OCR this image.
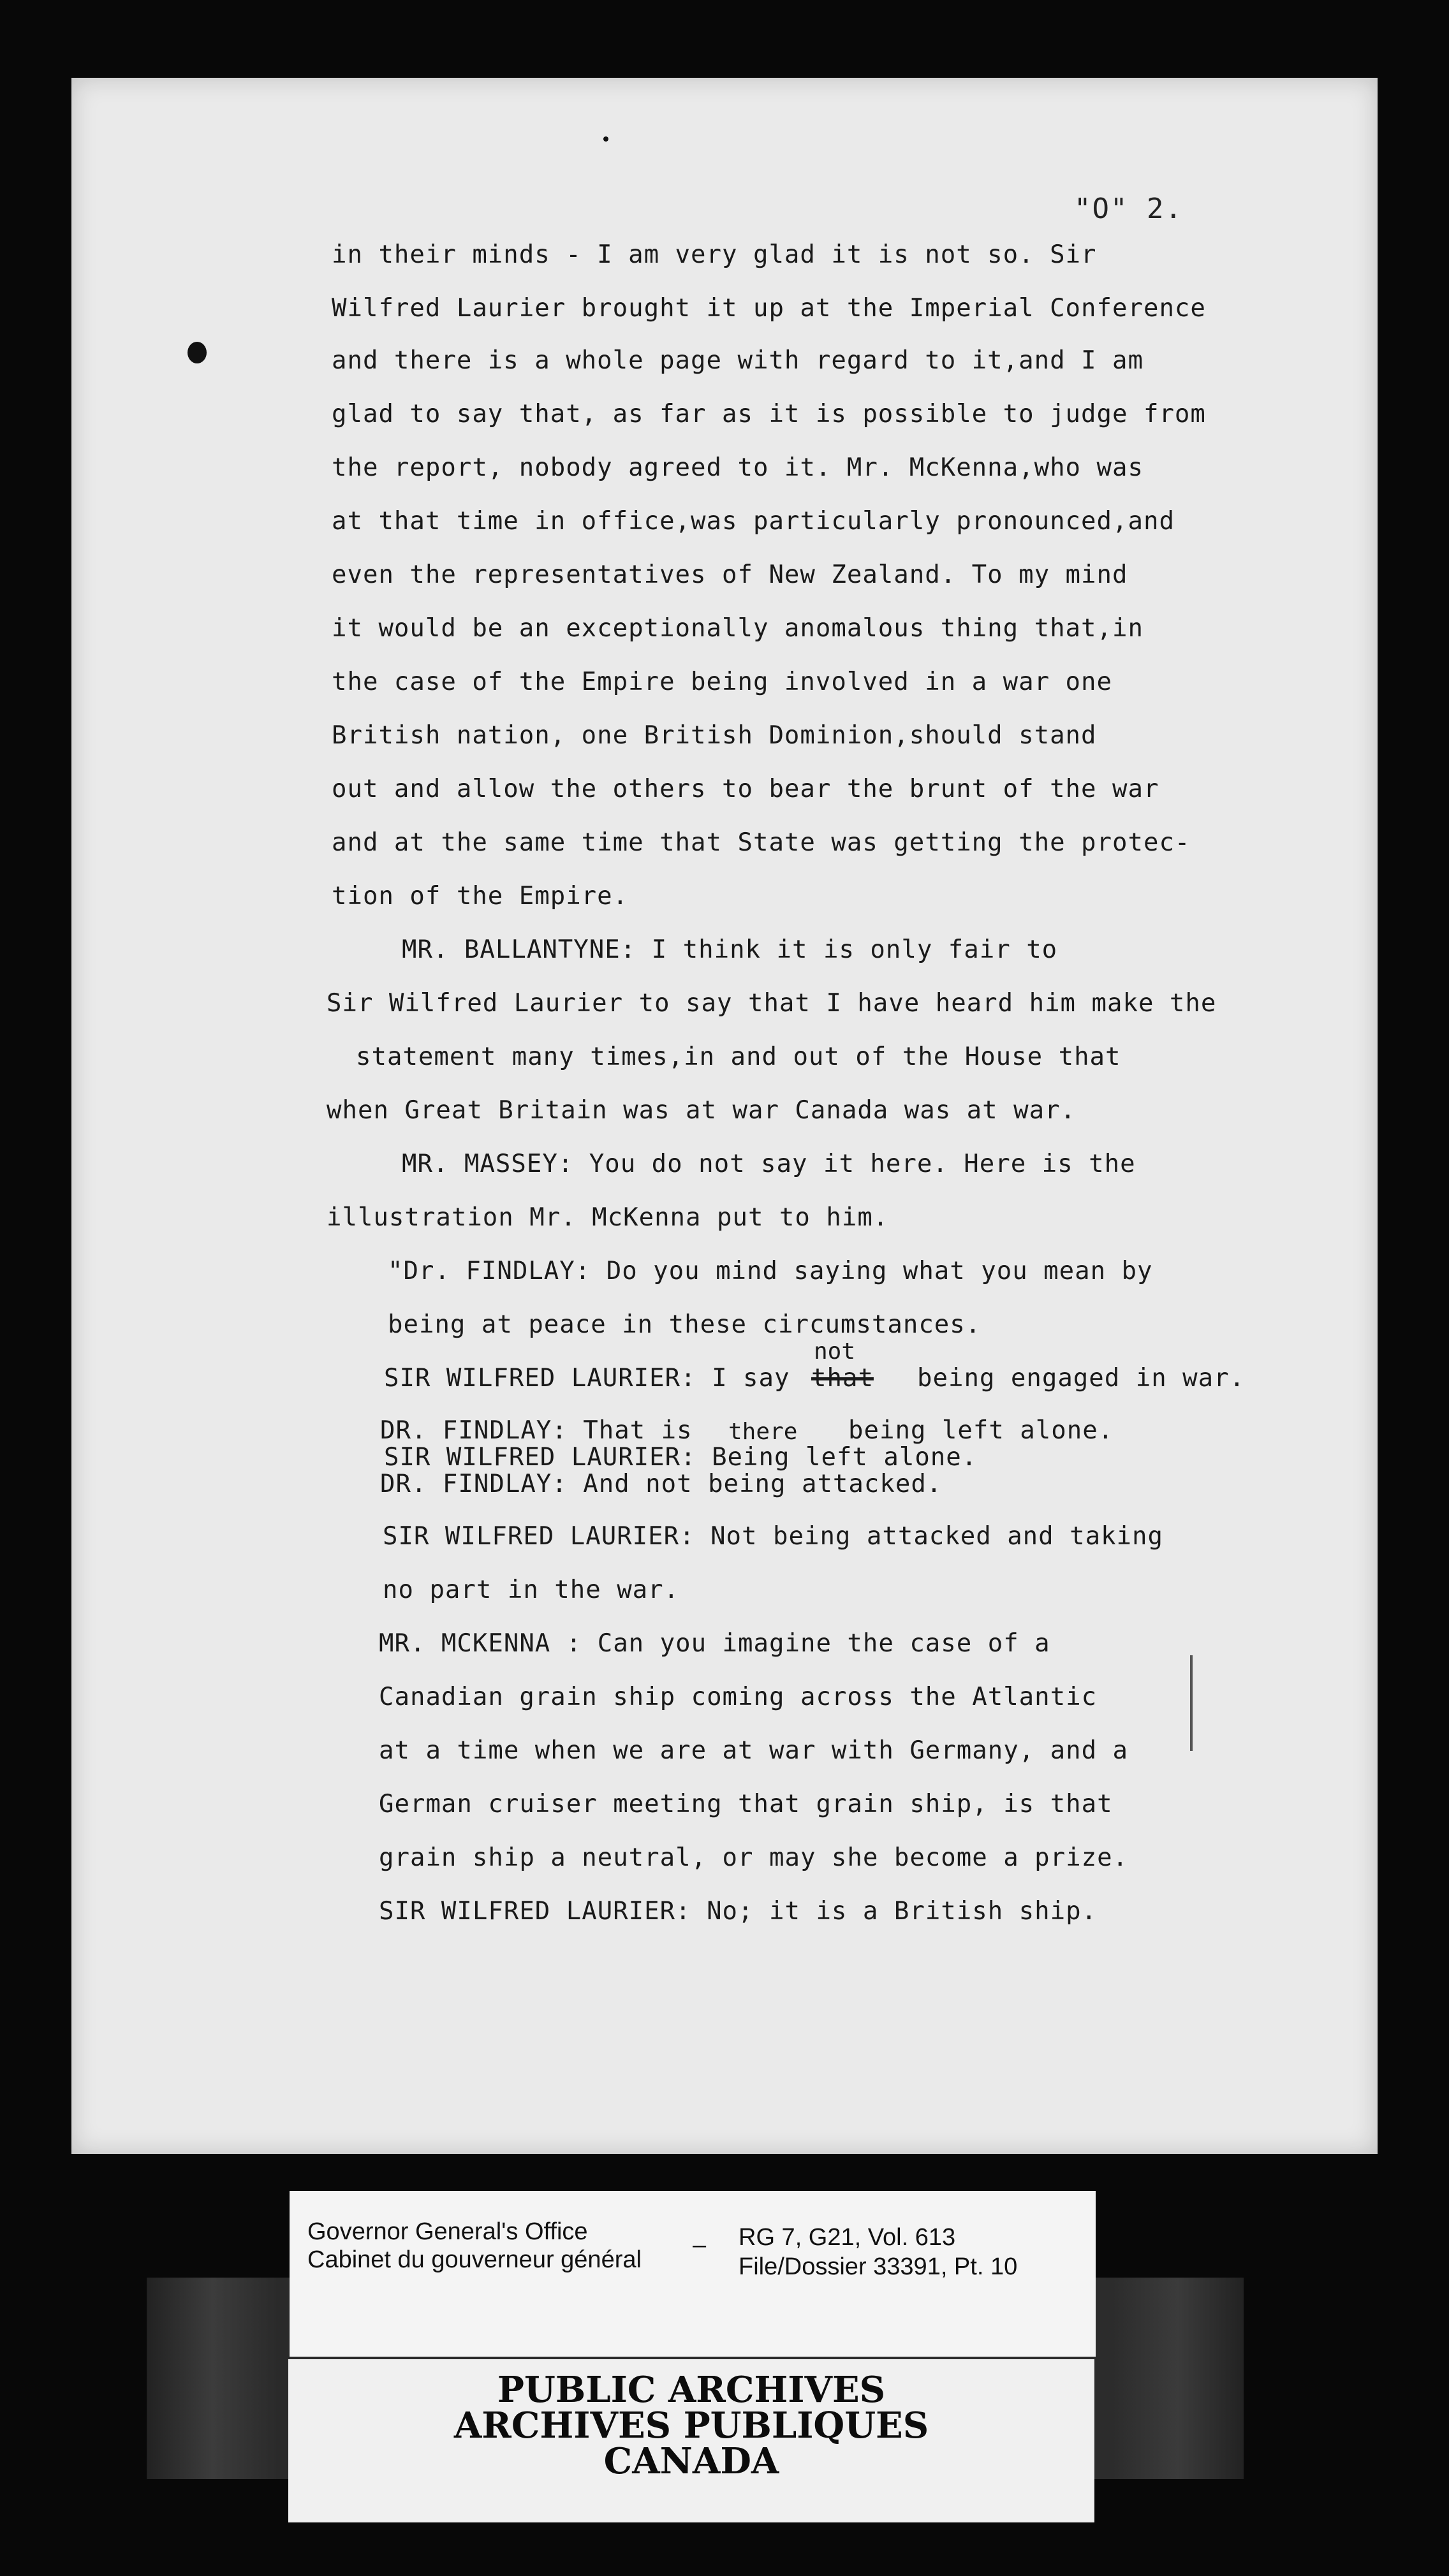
"O" 2.
in their minds - I am very glad it is not so. Sir
Wilfred Laurier brought it up at the Imperial Conference
and there is a whole page with regard to it,and I am
glad to say that, as far as it is possible to judge from
the report, nobody agreed to it. Mr. McKenna,who was
at that time in office,was particularly pronounced,and
even the representatives of New Zealand. To my mind
it would be an exceptionally anomalous thing that,in
the case of the Empire being involved in a war one
British nation, one British Dominion,should stand
out and allow the others to bear the brunt of the war
and at the same time that State was getting the protec-
tion of the Empire.
MR. BALLANTYNE: I think it is only fair to
Sir Wilfred Laurier to say that I have heard him make the
statement many times,in and out of the House that
when Great Britain was at war Canada was at war.
MR. MASSEY: You do not say it here. Here is the
illustration Mr. McKenna put to him.
"Dr. FINDLAY: Do you mind saying what you mean by
being at peace in these circumstances.
not
SIR WILFRED LAURIER: I say that being engaged in war.
DR. FINDLAY: That is there being left alone.
SIR WILFRED LAURIER: Being left alone.
DR. FINDLAY: And not being attacked.
SIR WILFRED LAURIER: Not being attacked and taking
no part in the war.
MR. MCKENNA : Can you imagine the case of a
Canadian grain ship coming across the Atlantic
at a time when we are at war with Germany, and a
German cruiser meeting that grain ship, is that
grain ship a neutral, or may she become a prize.
SIR WILFRED LAURIER: No; it is a British ship.
Governor General's Office
Cabinet du gouverneur général
– RG 7, G21, Vol. 613
File/Dossier 33391, Pt. 10
PUBLIC ARCHIVES
ARCHIVES PUBLIQUES
CANADA
